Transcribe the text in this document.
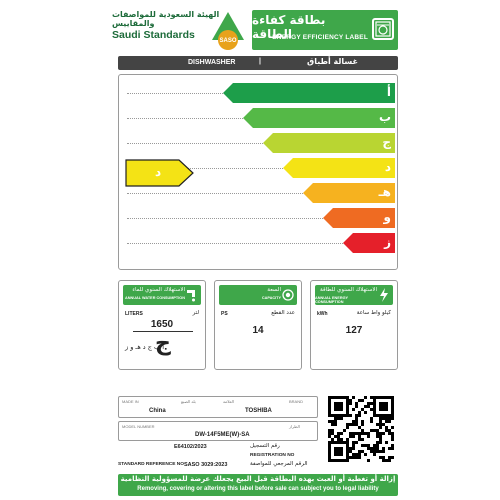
الهيئة السعودية للمواصفات والمقاييس
Saudi Standards	SASO
بطاقة كفاءة الطاقة
ENERGY EFFICIENCY LABEL
DISHWASHER	|	غسالة أطباق
أ
ب
ج
د
هـ
و
ز
د
الاستهلاك السنوي للماء
ANNUAL WATER CONSUMPTION
LITERS	لتر
1650
ج
أ ب ج د هـ و ز
السعة
CAPACITY
PS	عدد القطع
14
الاستهلاك السنوي للطاقة
ANNUAL ENERGY CONSUMPTION
kWh	كيلو واط ساعة
127
MADE IN	بلد الصنع
China
العلامة	BRAND
TOSHIBA
MODEL NUMBER	الطراز
DW-14F5ME(W)-SA
E64102/2023	رقم التسجيل
REGISTRATION NO
STANDARD REFERENCE NO SASO 3029:2023	الرقم المرجعي للمواصفة
إزالة أو تغطية أو العبث بهذه البطاقة قبل البيع يجعلك عرضة للمسؤولية النظامية
Removing, covering or altering this label before sale can subject you to legal liability
